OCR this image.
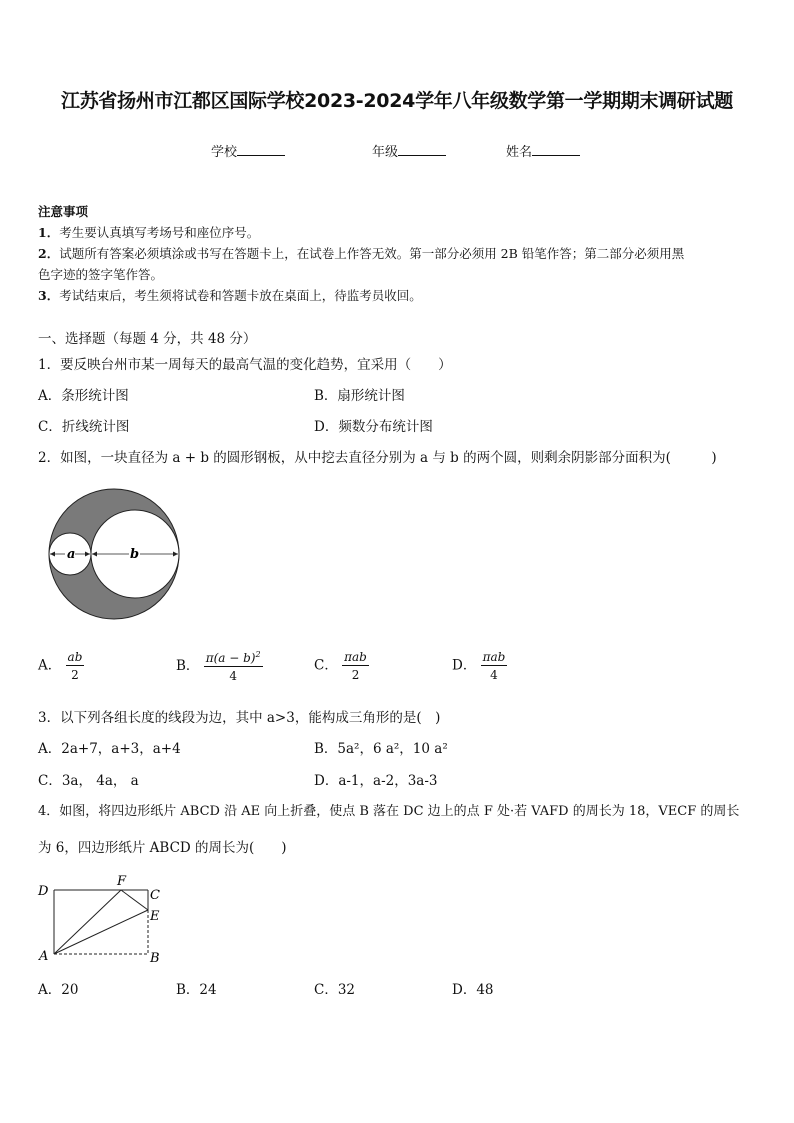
江苏省扬州市江都区国际学校2023-2024学年八年级数学第一学期期末调研试题
学校	年级	姓名
注意事项
1．考生要认真填写考场号和座位序号。
2．试题所有答案必须填涂或书写在答题卡上，在试卷上作答无效。第一部分必须用 2B 铅笔作答；第二部分必须用黑
色字迹的签字笔作答。
3．考试结束后，考生须将试卷和答题卡放在桌面上，待监考员收回。
一、选择题（每题 4 分，共 48 分）
1．要反映台州市某一周每天的最高气温的变化趋势，宜采用（　　）
A．条形统计图	B．扇形统计图
C．折线统计图	D．频数分布统计图
2．如图，一块直径为 a + b 的圆形钢板，从中挖去直径分别为 a 与 b 的两个圆，则剩余阴影部分面积为(　　　)
a	b
A． $\frac{ab}{2}$	B． $\frac{\pi(a - b)^2}{4}$	C． $\frac{\text{πab}}{2}$	D． $\frac{\text{πab}}{4}$
3．以下列各组长度的线段为边，其中 a>3，能构成三角形的是(　)
A．2a+7，a+3，a+4	B．5a²，6 a²，10 a²
C．3a， 4a， a	D．a-1，a-2，3a-3
4．如图，将四边形纸片 ABCD 沿 AE 向上折叠，使点 B 落在 DC 边上的点 F 处·若 VAFD 的周长为 18，VECF 的周长
为 6，四边形纸片 ABCD 的周长为(　　)
D
F
C
E
A	B
A．20	B．24	C．32	D．48
